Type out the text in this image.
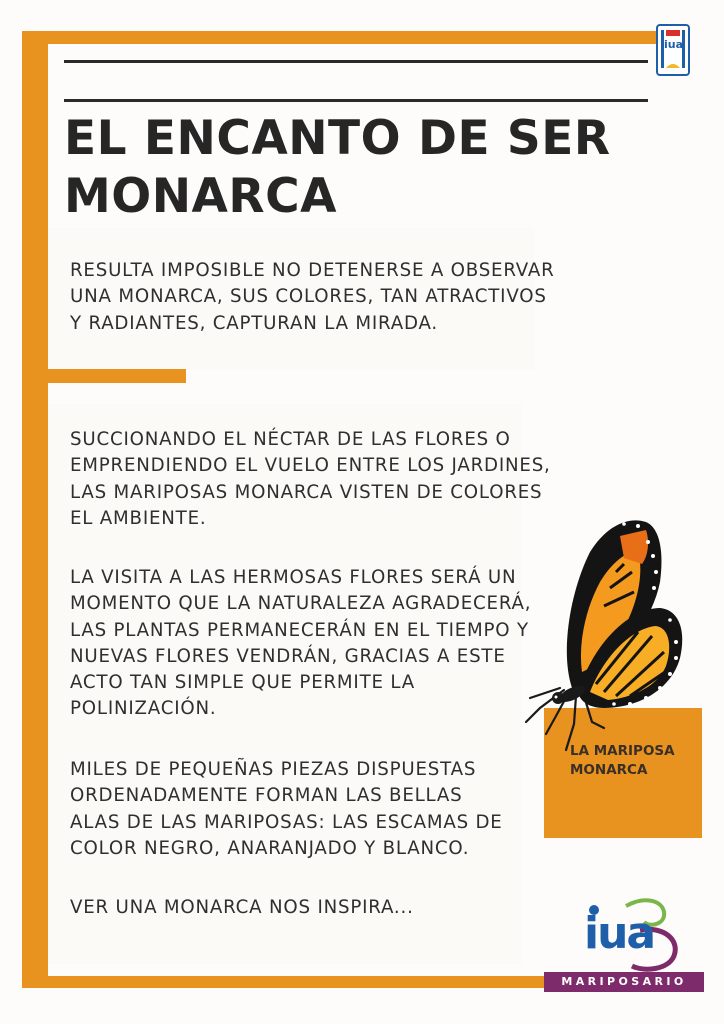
EL ENCANTO DE SER MONARCA

RESULTA IMPOSIBLE NO DETENERSE A OBSERVAR
UNA MONARCA, SUS COLORES, TAN ATRACTIVOS
Y RADIANTES, CAPTURAN LA MIRADA.

SUCCIONANDO EL NÉCTAR DE LAS FLORES O
EMPRENDIENDO EL VUELO ENTRE LOS JARDINES,
LAS MARIPOSAS MONARCA VISTEN DE COLORES
EL AMBIENTE.

LA VISITA A LAS HERMOSAS FLORES SERÁ UN
MOMENTO QUE LA NATURALEZA AGRADECERÁ,
LAS PLANTAS PERMANECERÁN EN EL TIEMPO Y
NUEVAS FLORES VENDRÁN, GRACIAS A ESTE
ACTO TAN SIMPLE QUE PERMITE LA
POLINIZACIÓN.

MILES DE PEQUEÑAS PIEZAS DISPUESTAS
ORDENADAMENTE FORMAN LAS BELLAS
ALAS DE LAS MARIPOSAS: LAS ESCAMAS DE
COLOR NEGRO, ANARANJADO Y BLANCO.

VER UNA MONARCA NOS INSPIRA...

LA MARIPOSA
MONARCA

iua
iua
MARIPOSARIO
